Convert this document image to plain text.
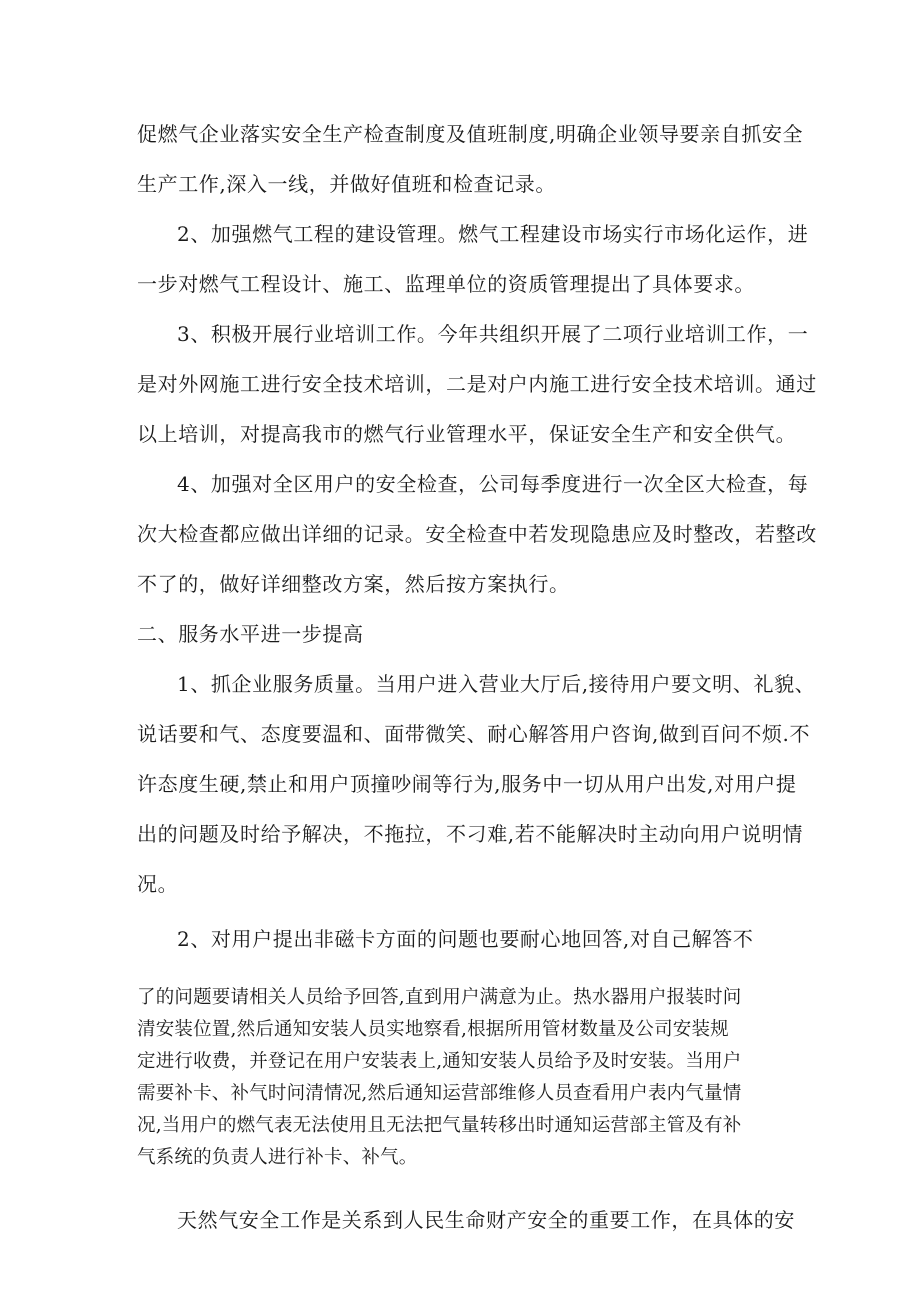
促燃气企业落实安全生产检查制度及值班制度,明确企业领导要亲自抓安全
生产工作,深入一线，并做好值班和检查记录。
2、加强燃气工程的建设管理。燃气工程建设市场实行市场化运作，进
一步对燃气工程设计、施工、监理单位的资质管理提出了具体要求。
3、积极开展行业培训工作。今年共组织开展了二项行业培训工作，一
是对外网施工进行安全技术培训，二是对户内施工进行安全技术培训。通过
以上培训，对提高我市的燃气行业管理水平，保证安全生产和安全供气。
4、加强对全区用户的安全检查，公司每季度进行一次全区大检查，每
次大检查都应做出详细的记录。安全检查中若发现隐患应及时整改，若整改
不了的，做好详细整改方案，然后按方案执行。
二、服务水平进一步提高
1、抓企业服务质量。当用户进入营业大厅后,接待用户要文明、礼貌、
说话要和气、态度要温和、面带微笑、耐心解答用户咨询,做到百问不烦.不
许态度生硬,禁止和用户顶撞吵闹等行为,服务中一切从用户出发,对用户提
出的问题及时给予解决，不拖拉，不刁难,若不能解决时主动向用户说明情
况。
2、对用户提出非磁卡方面的问题也要耐心地回答,对自己解答不
了的问题要请相关人员给予回答,直到用户满意为止。热水器用户报装时问
清安装位置,然后通知安装人员实地察看,根据所用管材数量及公司安装规
定进行收费，并登记在用户安装表上,通知安装人员给予及时安装。当用户
需要补卡、补气时问清情况,然后通知运营部维修人员查看用户表内气量情
况,当用户的燃气表无法使用且无法把气量转移出时通知运营部主管及有补
气系统的负责人进行补卡、补气。
天然气安全工作是关系到人民生命财产安全的重要工作，在具体的安
